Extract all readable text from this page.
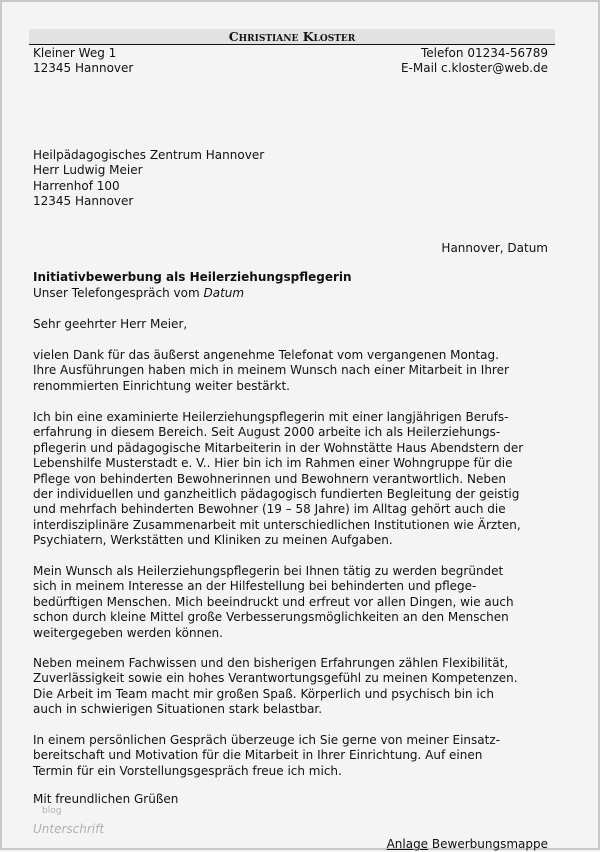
Christiane Kloster
Kleiner Weg 1
12345 Hannover
Telefon 01234-56789
E-Mail c.kloster@web.de
Heilpädagogisches Zentrum Hannover
Herr Ludwig Meier
Harrenhof 100
12345 Hannover
Hannover, Datum
Initiativbewerbung als Heilerziehungspflegerin
Unser Telefongespräch vom Datum
Sehr geehrter Herr Meier,
Mit freundlichen Grüßen
blog
Unterschrift
Anlage Bewerbungsmappe
vielen Dank für das äußerst angenehme Telefonat vom vergangenen Montag.
Ihre Ausführungen haben mich in meinem Wunsch nach einer Mitarbeit in Ihrer
renommierten Einrichtung weiter bestärkt.
Ich bin eine examinierte Heilerziehungspflegerin mit einer langjährigen Berufs-
erfahrung in diesem Bereich. Seit August 2000 arbeite ich als Heilerziehungs-
pflegerin und pädagogische Mitarbeiterin in der Wohnstätte Haus Abendstern der
Lebenshilfe Musterstadt e. V.. Hier bin ich im Rahmen einer Wohngruppe für die
Pflege von behinderten Bewohnerinnen und Bewohnern verantwortlich. Neben
der individuellen und ganzheitlich pädagogisch fundierten Begleitung der geistig
und mehrfach behinderten Bewohner (19 – 58 Jahre) im Alltag gehört auch die
interdisziplinäre Zusammenarbeit mit unterschiedlichen Institutionen wie Ärzten,
Psychiatern, Werkstätten und Kliniken zu meinen Aufgaben.
Mein Wunsch als Heilerziehungspflegerin bei Ihnen tätig zu werden begründet
sich in meinem Interesse an der Hilfestellung bei behinderten und pflege-
bedürftigen Menschen. Mich beeindruckt und erfreut vor allen Dingen, wie auch
schon durch kleine Mittel große Verbesserungsmöglichkeiten an den Menschen
weitergegeben werden können.
Neben meinem Fachwissen und den bisherigen Erfahrungen zählen Flexibilität,
Zuverlässigkeit sowie ein hohes Verantwortungsgefühl zu meinen Kompetenzen.
Die Arbeit im Team macht mir großen Spaß. Körperlich und psychisch bin ich
auch in schwierigen Situationen stark belastbar.
In einem persönlichen Gespräch überzeuge ich Sie gerne von meiner Einsatz-
bereitschaft und Motivation für die Mitarbeit in Ihrer Einrichtung. Auf einen
Termin für ein Vorstellungsgespräch freue ich mich.
